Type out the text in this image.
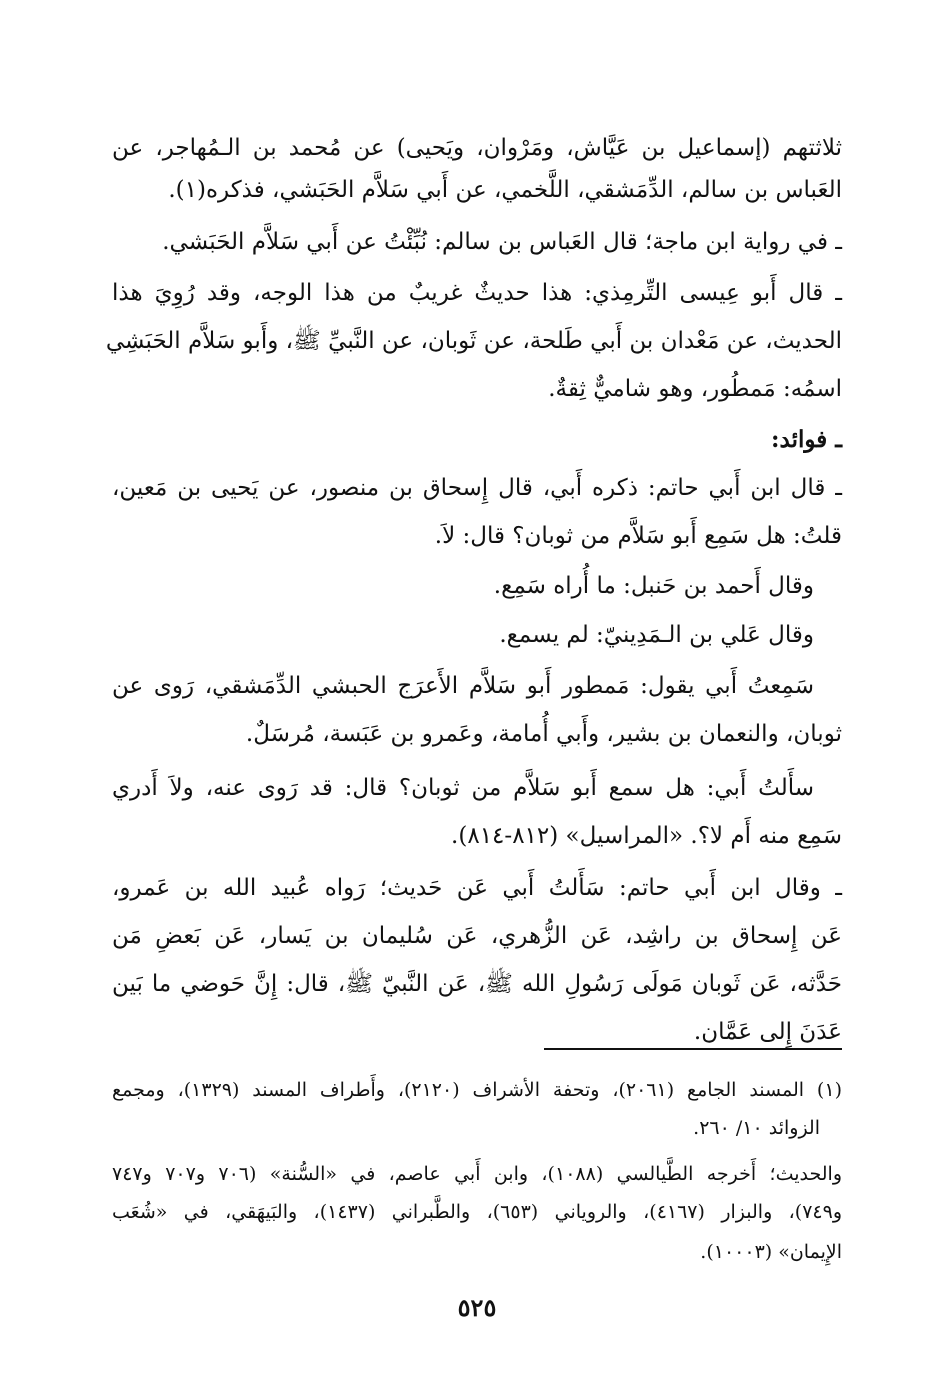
ثلاثتهم (إسماعيل بن عَيَّاش، ومَرْوان، ويَحيى) عن مُحمد بن الـمُهاجر، عن
العَباس بن سالم، الدِّمَشقي، اللَّخمي، عن أَبي سَلاَّم الحَبَشي، فذكره(١).
ـ في رواية ابن ماجة؛ قال العَباس بن سالم: نُبِّئْتُ عن أَبي سَلاَّم الحَبَشي.
ـ قال أَبو عِيسى التِّرمِذي: هذا حديثٌ غريبٌ من هذا الوجه، وقد رُوِيَ هذا
الحديث، عن مَعْدان بن أَبي طَلحة، عن ثَوبان، عن النَّبيِّ ﷺ، وأَبو سَلاَّم الحَبَشِي
اسمُه: مَمطُور، وهو شاميٌّ ثِقةٌ.
ـ فوائد:
ـ قال ابن أَبي حاتم: ذكره أَبي، قال إِسحاق بن منصور، عن يَحيى بن مَعين،
قلتُ: هل سَمِع أَبو سَلاَّم من ثوبان؟ قال: لاَ.
وقال أَحمد بن حَنبل: ما أُراه سَمِع.
وقال عَلي بن الـمَدِينيّ: لم يسمع.
سَمِعتُ أَبي يقول: مَمطور أَبو سَلاَّم الأَعرَج الحبشي الدِّمَشقي، رَوى عن
ثوبان، والنعمان بن بشير، وأَبي أُمامة، وعَمرو بن عَبَسة، مُرسَلٌ.
سأَلتُ أَبي: هل سمع أَبو سَلاَّم من ثوبان؟ قال: قد رَوى عنه، ولاَ أَدري
سَمِع منه أَم لا؟. «المراسيل» (٨١٢-٨١٤).
ـ وقال ابن أَبي حاتم: سَأَلتُ أَبي عَن حَديث؛ رَواه عُبيد الله بن عَمرو،
عَن إِسحاق بن راشِد، عَن الزُّهري، عَن سُليمان بن يَسار، عَن بَعضِ مَن
حَدَّثه، عَن ثَوبان مَولَى رَسُولِ الله ﷺ، عَن النَّبيّ ﷺ، قال: إِنَّ حَوضي ما بَين
عَدَنَ إِلى عَمَّان.
(١) المسند الجامع (٢٠٦١)، وتحفة الأشراف (٢١٢٠)، وأَطراف المسند (١٣٢٩)، ومجمع
الزوائد ١٠/ ٢٦٠.
والحديث؛ أَخرجه الطَّيالسي (١٠٨٨)، وابن أَبي عاصم، في «السُّنة» (٧٠٦ و٧٠٧ و٧٤٧
و٧٤٩)، والبزار (٤١٦٧)، والروياني (٦٥٣)، والطَّبراني (١٤٣٧)، والبَيهَقي، في «شُعَب
الإِيمان» (١٠٠٠٣).
٥٢٥
